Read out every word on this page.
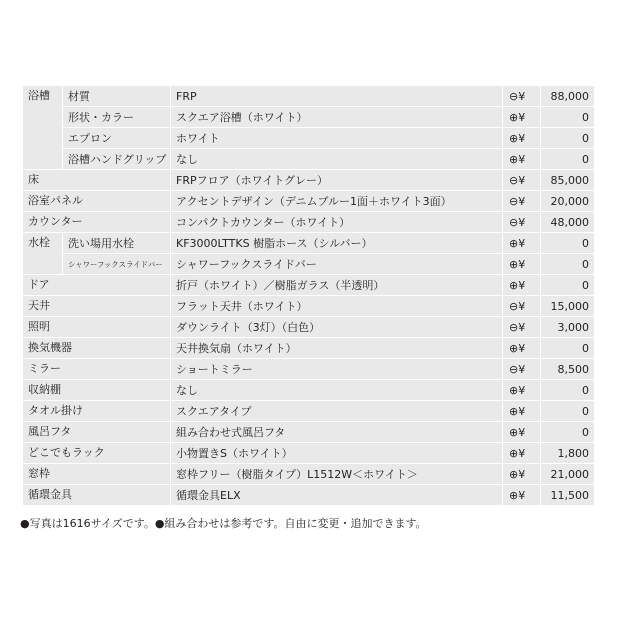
浴槽	材質	FRP	⊖¥	88,000
	形状・カラー	スクエア浴槽（ホワイト）	⊕¥	0
	エプロン	ホワイト	⊕¥	0
	浴槽ハンドグリップ	なし	⊕¥	0
床		FRPフロア（ホワイトグレー）	⊖¥	85,000
浴室パネル		アクセントデザイン（デニムブルー1面＋ホワイト3面）	⊖¥	20,000
カウンター		コンパクトカウンター（ホワイト）	⊖¥	48,000
水栓	洗い場用水栓	KF3000LTTKS 樹脂ホース（シルバー）	⊕¥	0
	シャワーフックスライドバー	シャワーフックスライドバー	⊕¥	0
ドア		折戸（ホワイト）／樹脂ガラス（半透明）	⊕¥	0
天井		フラット天井（ホワイト）	⊖¥	15,000
照明		ダウンライト（3灯）（白色）	⊖¥	3,000
換気機器		天井換気扇（ホワイト）	⊕¥	0
ミラー		ショートミラー	⊖¥	8,500
収納棚		なし	⊕¥	0
タオル掛け		スクエアタイプ	⊕¥	0
風呂フタ		組み合わせ式風呂フタ	⊕¥	0
どこでもラック		小物置きS（ホワイト）	⊕¥	1,800
窓枠		窓枠フリー（樹脂タイプ）L1512W＜ホワイト＞	⊕¥	21,000
循環金具		循環金具ELX	⊕¥	11,500

●写真は1616サイズです。●組み合わせは参考です。自由に変更・追加できます。
